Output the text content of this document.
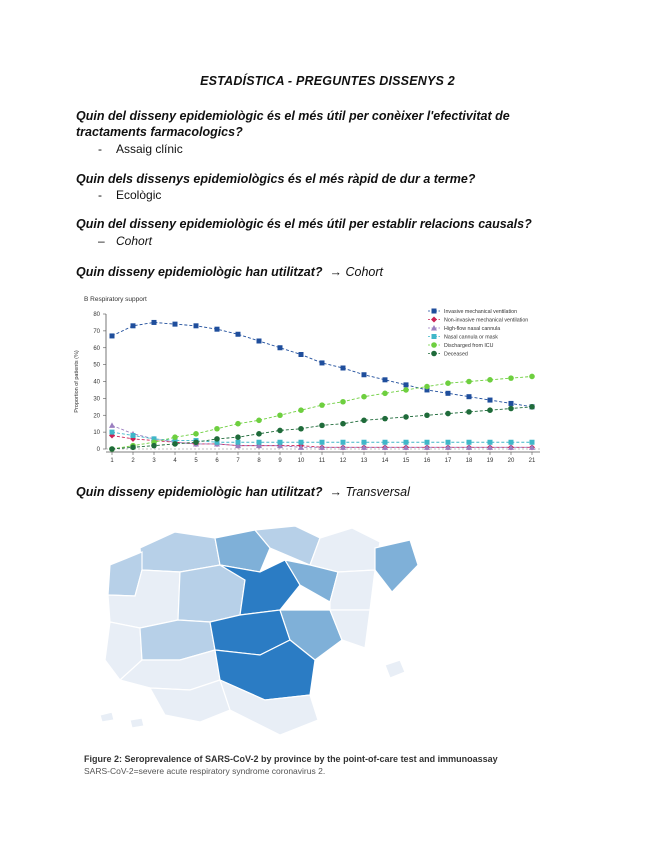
ESTADÍSTICA - PREGUNTES DISSENYS 2
Quin del disseny epidemiològic és el més útil per conèixer l'efectivitat de tractaments farmacologics?
- Assaig clínic
Quin dels dissenys epidemiològics és el més ràpid de dur a terme?
- Ecològic
Quin del disseny epidemiològic és el més útil per establir relacions causals?
– Cohort
Quin disseny epidemiològic han utilitzat? → Cohort
B Respiratory support
0
10
20
30
40
50
60
70
80
1	2	3	4	5	6	7	8	9	10 11 12 13 14 15 16 17 18 19 20 21
Proportion of patients (%)
Invasive mechanical ventilation
Non-invasive mechanical ventilation
High-flow nasal cannula
Nasal cannula or mask
Discharged from ICU
Deceased
Quin disseny epidemiològic han utilitzat? → Transversal
Figure 2: Seroprevalence of SARS-CoV-2 by province by the point-of-care test and immunoassay
SARS-CoV-2=severe acute respiratory syndrome coronavirus 2.
